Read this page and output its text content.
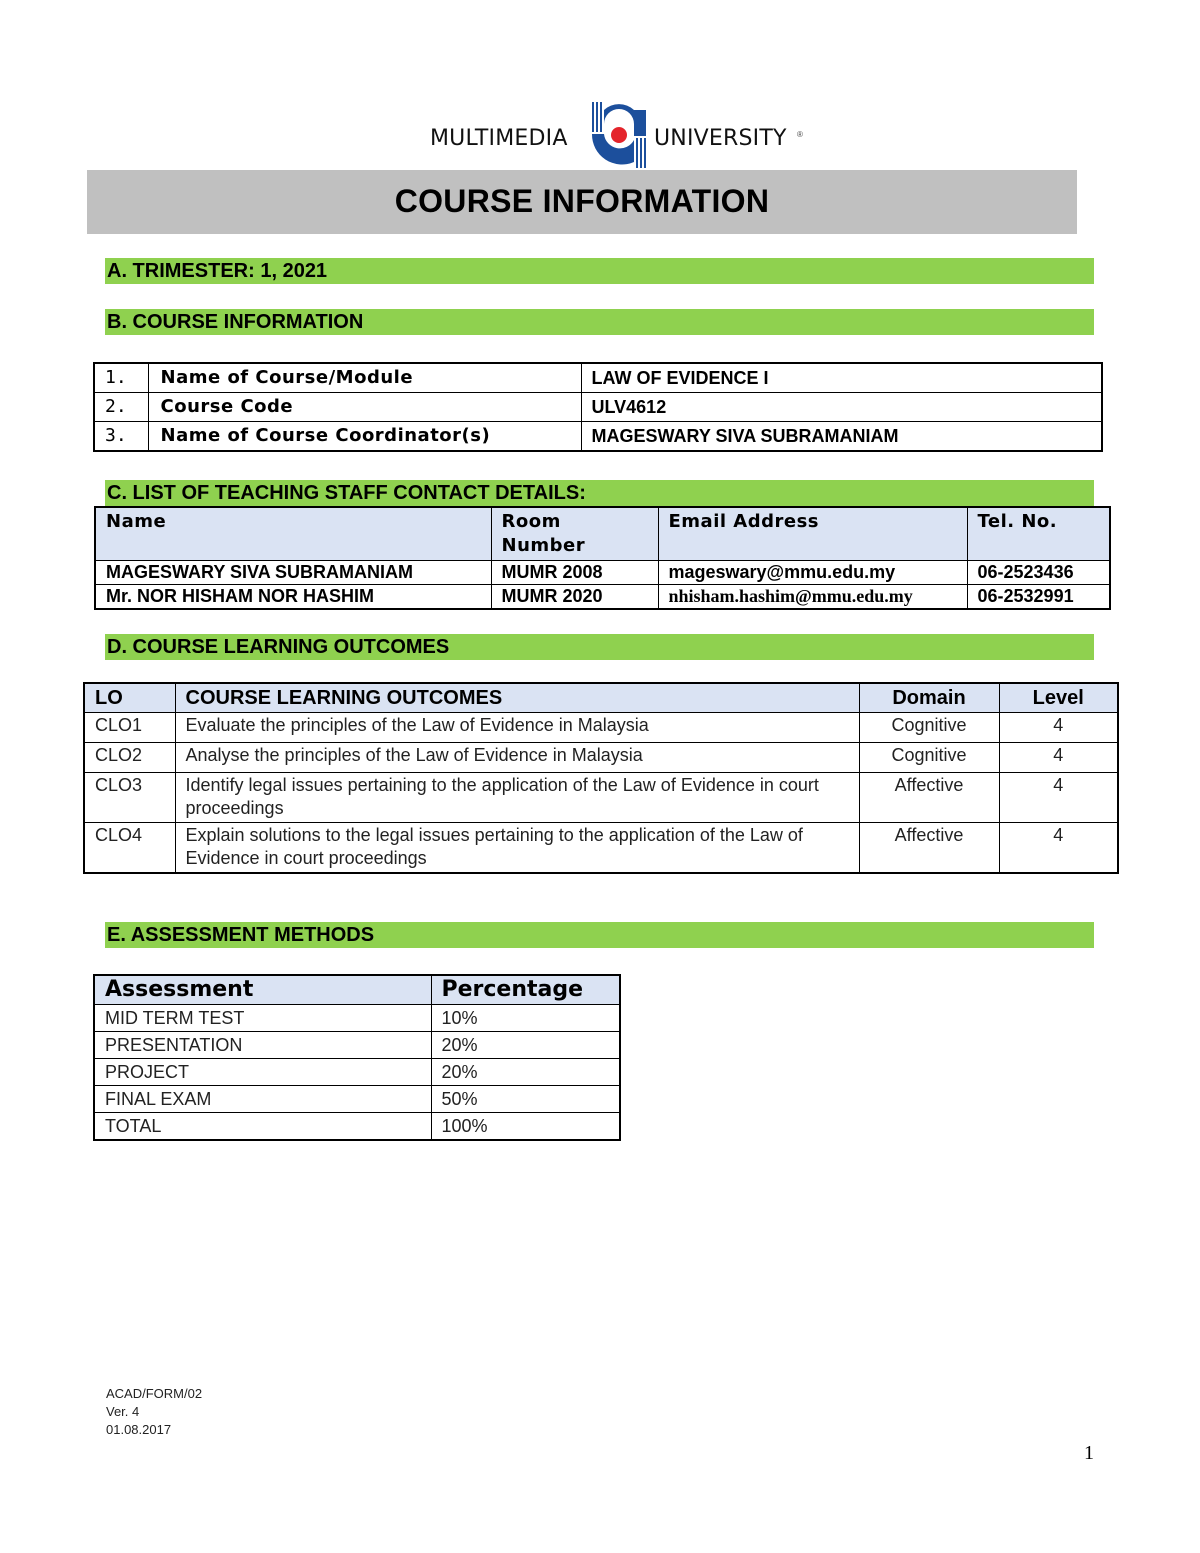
MULTIMEDIA	UNIVERSITY ®
COURSE INFORMATION
A. TRIMESTER: 1, 2021
B. COURSE INFORMATION
1.	Name of Course/Module	LAW OF EVIDENCE I
2.	Course Code	ULV4612
3.	Name of Course Coordinator(s)	MAGESWARY SIVA SUBRAMANIAM
C. LIST OF TEACHING STAFF CONTACT DETAILS:
Name	Room Number	Email Address	Tel. No.
MAGESWARY SIVA SUBRAMANIAM	MUMR 2008	mageswary@mmu.edu.my	06-2523436
Mr. NOR HISHAM NOR HASHIM	MUMR 2020	nhisham.hashim@mmu.edu.my	06-2532991
D. COURSE LEARNING OUTCOMES
LO	COURSE LEARNING OUTCOMES	Domain	Level
CLO1	Evaluate the principles of the Law of Evidence in Malaysia	Cognitive	4
CLO2	Analyse the principles of the Law of Evidence in Malaysia	Cognitive	4
CLO3	Identify legal issues pertaining to the application of the Law of Evidence in court proceedings	Affective	4
CLO4	Explain solutions to the legal issues pertaining to the application of the Law of Evidence in court proceedings	Affective	4
E. ASSESSMENT METHODS
Assessment	Percentage
MID TERM TEST	10%
PRESENTATION	20%
PROJECT	20%
FINAL EXAM	50%
TOTAL	100%
ACAD/FORM/02
Ver. 4
01.08.2017
1
